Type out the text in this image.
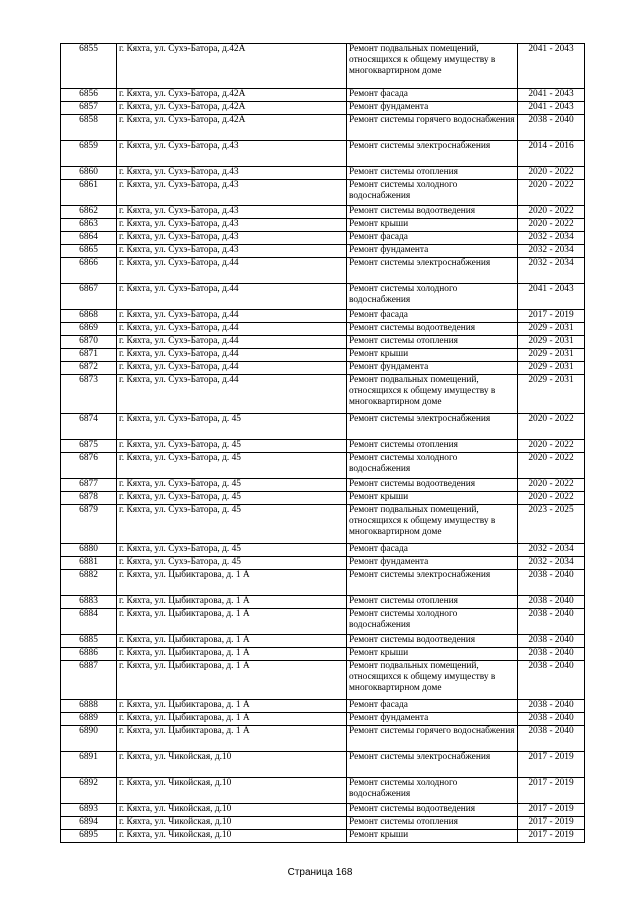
6855	г. Кяхта, ул. Сухэ-Батора, д.42А	Ремонт подвальных помещений, относящихся к общему имуществу в многоквартирном доме	2041 - 2043
6856	г. Кяхта, ул. Сухэ-Батора, д.42А	Ремонт фасада	2041 - 2043
6857	г. Кяхта, ул. Сухэ-Батора, д.42А	Ремонт фундамента	2041 - 2043
6858	г. Кяхта, ул. Сухэ-Батора, д.42А	Ремонт системы горячего водоснабжения	2038 - 2040
6859	г. Кяхта, ул. Сухэ-Батора, д.43	Ремонт системы электроснабжения	2014 - 2016
6860	г. Кяхта, ул. Сухэ-Батора, д.43	Ремонт системы отопления	2020 - 2022
6861	г. Кяхта, ул. Сухэ-Батора, д.43	Ремонт системы холодного водоснабжения	2020 - 2022
6862	г. Кяхта, ул. Сухэ-Батора, д.43	Ремонт системы водоотведения	2020 - 2022
6863	г. Кяхта, ул. Сухэ-Батора, д.43	Ремонт крыши	2020 - 2022
6864	г. Кяхта, ул. Сухэ-Батора, д.43	Ремонт фасада	2032 - 2034
6865	г. Кяхта, ул. Сухэ-Батора, д.43	Ремонт фундамента	2032 - 2034
6866	г. Кяхта, ул. Сухэ-Батора, д.44	Ремонт системы электроснабжения	2032 - 2034
6867	г. Кяхта, ул. Сухэ-Батора, д.44	Ремонт системы холодного водоснабжения	2041 - 2043
6868	г. Кяхта, ул. Сухэ-Батора, д.44	Ремонт фасада	2017 - 2019
6869	г. Кяхта, ул. Сухэ-Батора, д.44	Ремонт системы водоотведения	2029 - 2031
6870	г. Кяхта, ул. Сухэ-Батора, д.44	Ремонт системы отопления	2029 - 2031
6871	г. Кяхта, ул. Сухэ-Батора, д.44	Ремонт крыши	2029 - 2031
6872	г. Кяхта, ул. Сухэ-Батора, д.44	Ремонт фундамента	2029 - 2031
6873	г. Кяхта, ул. Сухэ-Батора, д.44	Ремонт подвальных помещений, относящихся к общему имуществу в многоквартирном доме	2029 - 2031
6874	г. Кяхта, ул. Сухэ-Батора, д. 45	Ремонт системы электроснабжения	2020 - 2022
6875	г. Кяхта, ул. Сухэ-Батора, д. 45	Ремонт системы отопления	2020 - 2022
6876	г. Кяхта, ул. Сухэ-Батора, д. 45	Ремонт системы холодного водоснабжения	2020 - 2022
6877	г. Кяхта, ул. Сухэ-Батора, д. 45	Ремонт системы водоотведения	2020 - 2022
6878	г. Кяхта, ул. Сухэ-Батора, д. 45	Ремонт крыши	2020 - 2022
6879	г. Кяхта, ул. Сухэ-Батора, д. 45	Ремонт подвальных помещений, относящихся к общему имуществу в многоквартирном доме	2023 - 2025
6880	г. Кяхта, ул. Сухэ-Батора, д. 45	Ремонт фасада	2032 - 2034
6881	г. Кяхта, ул. Сухэ-Батора, д. 45	Ремонт фундамента	2032 - 2034
6882	г. Кяхта, ул. Цыбиктарова, д. 1 А	Ремонт системы электроснабжения	2038 - 2040
6883	г. Кяхта, ул. Цыбиктарова, д. 1 А	Ремонт системы отопления	2038 - 2040
6884	г. Кяхта, ул. Цыбиктарова, д. 1 А	Ремонт системы холодного водоснабжения	2038 - 2040
6885	г. Кяхта, ул. Цыбиктарова, д. 1 А	Ремонт системы водоотведения	2038 - 2040
6886	г. Кяхта, ул. Цыбиктарова, д. 1 А	Ремонт крыши	2038 - 2040
6887	г. Кяхта, ул. Цыбиктарова, д. 1 А	Ремонт подвальных помещений, относящихся к общему имуществу в многоквартирном доме	2038 - 2040
6888	г. Кяхта, ул. Цыбиктарова, д. 1 А	Ремонт фасада	2038 - 2040
6889	г. Кяхта, ул. Цыбиктарова, д. 1 А	Ремонт фундамента	2038 - 2040
6890	г. Кяхта, ул. Цыбиктарова, д. 1 А	Ремонт системы горячего водоснабжения	2038 - 2040
6891	г. Кяхта, ул. Чикойская, д.10	Ремонт системы электроснабжения	2017 - 2019
6892	г. Кяхта, ул. Чикойская, д.10	Ремонт системы холодного водоснабжения	2017 - 2019
6893	г. Кяхта, ул. Чикойская, д.10	Ремонт системы водоотведения	2017 - 2019
6894	г. Кяхта, ул. Чикойская, д.10	Ремонт системы отопления	2017 - 2019
6895	г. Кяхта, ул. Чикойская, д.10	Ремонт крыши	2017 - 2019
Страница 168
